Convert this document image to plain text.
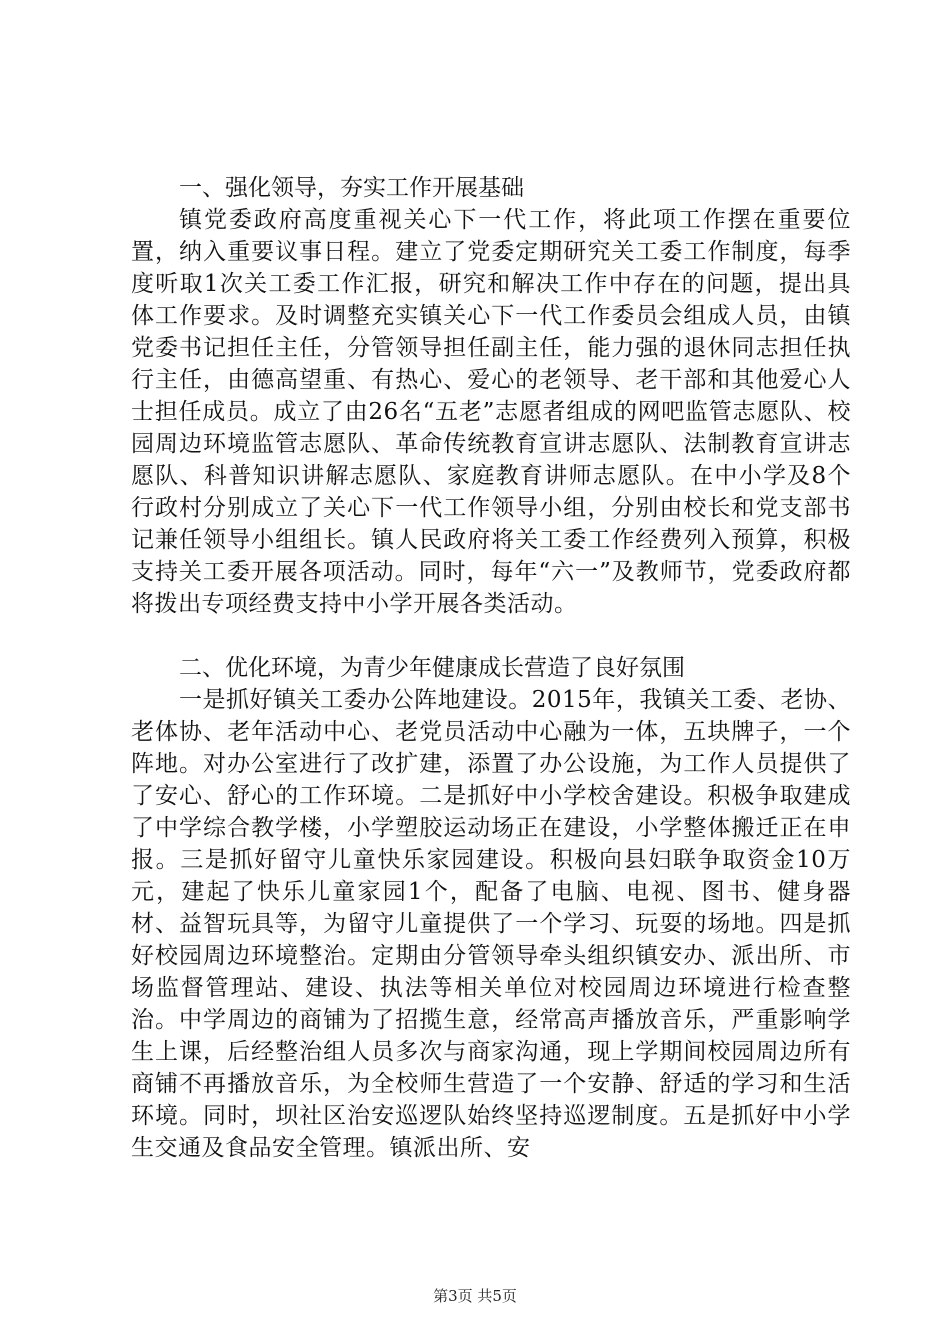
一、强化领导，夯实工作开展基础

镇党委政府高度重视关心下一代工作，将此项工作摆在重要位置，纳入重要议事日程。建立了党委定期研究关工委工作制度，每季度听取1次关工委工作汇报，研究和解决工作中存在的问题，提出具体工作要求。及时调整充实镇关心下一代工作委员会组成人员，由镇党委书记担任主任，分管领导担任副主任，能力强的退休同志担任执行主任，由德高望重、有热心、爱心的老领导、老干部和其他爱心人士担任成员。成立了由26名“五老”志愿者组成的网吧监管志愿队、校园周边环境监管志愿队、革命传统教育宣讲志愿队、法制教育宣讲志愿队、科普知识讲解志愿队、家庭教育讲师志愿队。在中小学及8个行政村分别成立了关心下一代工作领导小组，分别由校长和党支部书记兼任领导小组组长。镇人民政府将关工委工作经费列入预算，积极支持关工委开展各项活动。同时，每年“六一”及教师节，党委政府都将拨出专项经费支持中小学开展各类活动。

二、优化环境，为青少年健康成长营造了良好氛围

一是抓好镇关工委办公阵地建设。2015年，我镇关工委、老协、老体协、老年活动中心、老党员活动中心融为一体，五块牌子，一个阵地。对办公室进行了改扩建，添置了办公设施，为工作人员提供了了安心、舒心的工作环境。二是抓好中小学校舍建设。积极争取建成了中学综合教学楼，小学塑胶运动场正在建设，小学整体搬迁正在申报。三是抓好留守儿童快乐家园建设。积极向县妇联争取资金10万元，建起了快乐儿童家园1个，配备了电脑、电视、图书、健身器材、益智玩具等，为留守儿童提供了一个学习、玩耍的场地。四是抓好校园周边环境整治。定期由分管领导牵头组织镇安办、派出所、市场监督管理站、建设、执法等相关单位对校园周边环境进行检查整治。中学周边的商铺为了招揽生意，经常高声播放音乐，严重影响学生上课，后经整治组人员多次与商家沟通，现上学期间校园周边所有商铺不再播放音乐，为全校师生营造了一个安静、舒适的学习和生活环境。同时，坝社区治安巡逻队始终坚持巡逻制度。五是抓好中小学生交通及食品安全管理。镇派出所、安

第3页 共5页
